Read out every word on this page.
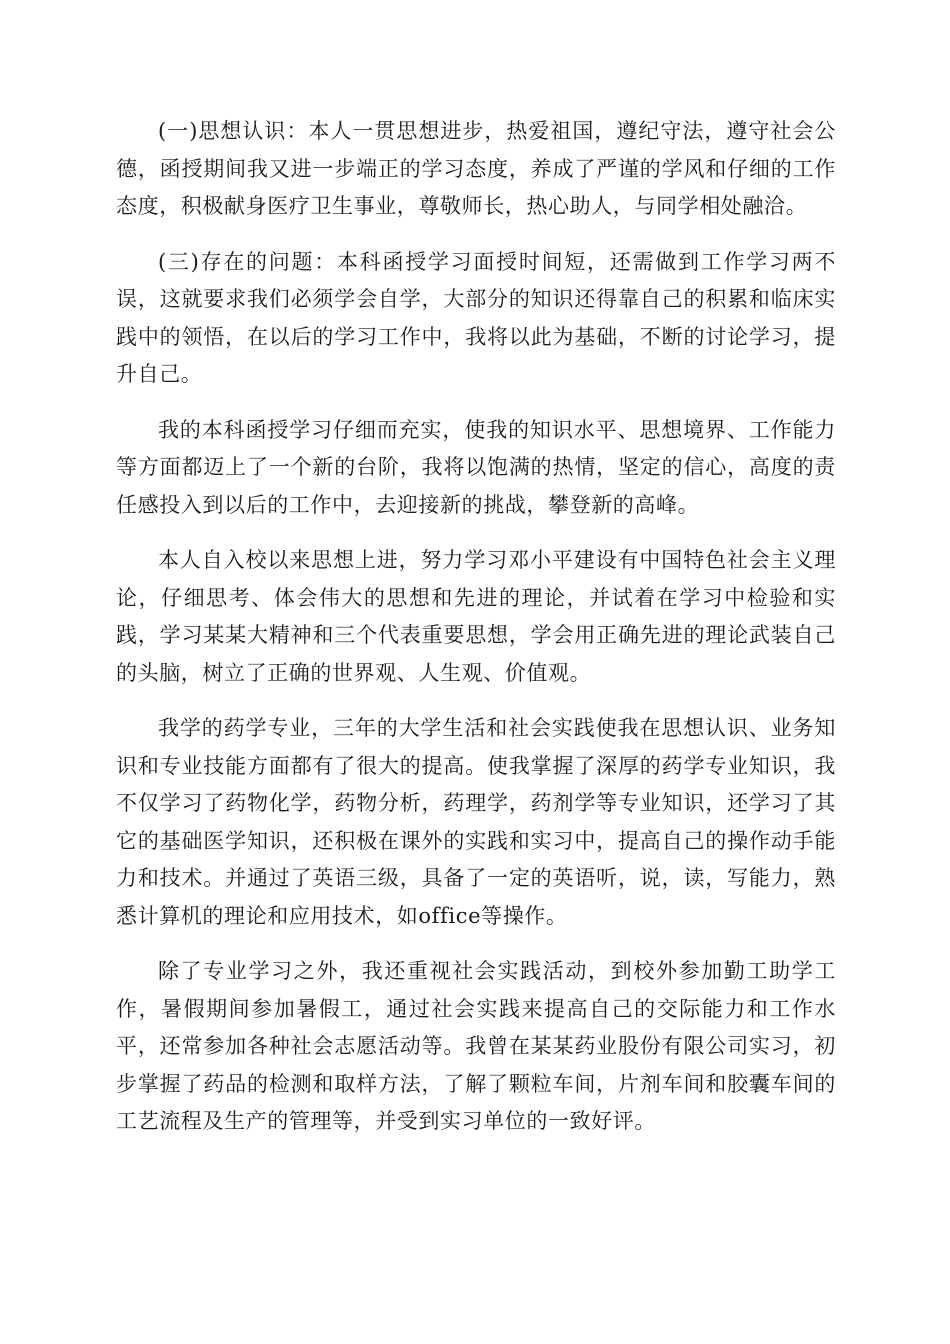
(一)思想认识：本人一贯思想进步，热爱祖国，遵纪守法，遵守社会公德，函授期间我又进一步端正的学习态度，养成了严谨的学风和仔细的工作态度，积极献身医疗卫生事业，尊敬师长，热心助人，与同学相处融洽。

(三)存在的问题：本科函授学习面授时间短，还需做到工作学习两不误，这就要求我们必须学会自学，大部分的知识还得靠自己的积累和临床实践中的领悟，在以后的学习工作中，我将以此为基础，不断的讨论学习，提升自己。

我的本科函授学习仔细而充实，使我的知识水平、思想境界、工作能力等方面都迈上了一个新的台阶，我将以饱满的热情，坚定的信心，高度的责任感投入到以后的工作中，去迎接新的挑战，攀登新的高峰。

本人自入校以来思想上进，努力学习邓小平建设有中国特色社会主义理论，仔细思考、体会伟大的思想和先进的理论，并试着在学习中检验和实践，学习某某大精神和三个代表重要思想，学会用正确先进的理论武装自己的头脑，树立了正确的世界观、人生观、价值观。

我学的药学专业，三年的大学生活和社会实践使我在思想认识、业务知识和专业技能方面都有了很大的提高。使我掌握了深厚的药学专业知识，我不仅学习了药物化学，药物分析，药理学，药剂学等专业知识，还学习了其它的基础医学知识，还积极在课外的实践和实习中，提高自己的操作动手能力和技术。并通过了英语三级，具备了一定的英语听，说，读，写能力，熟悉计算机的理论和应用技术，如office等操作。

除了专业学习之外，我还重视社会实践活动，到校外参加勤工助学工作，暑假期间参加暑假工，通过社会实践来提高自己的交际能力和工作水平，还常参加各种社会志愿活动等。我曾在某某药业股份有限公司实习，初步掌握了药品的检测和取样方法，了解了颗粒车间，片剂车间和胶囊车间的工艺流程及生产的管理等，并受到实习单位的一致好评。
